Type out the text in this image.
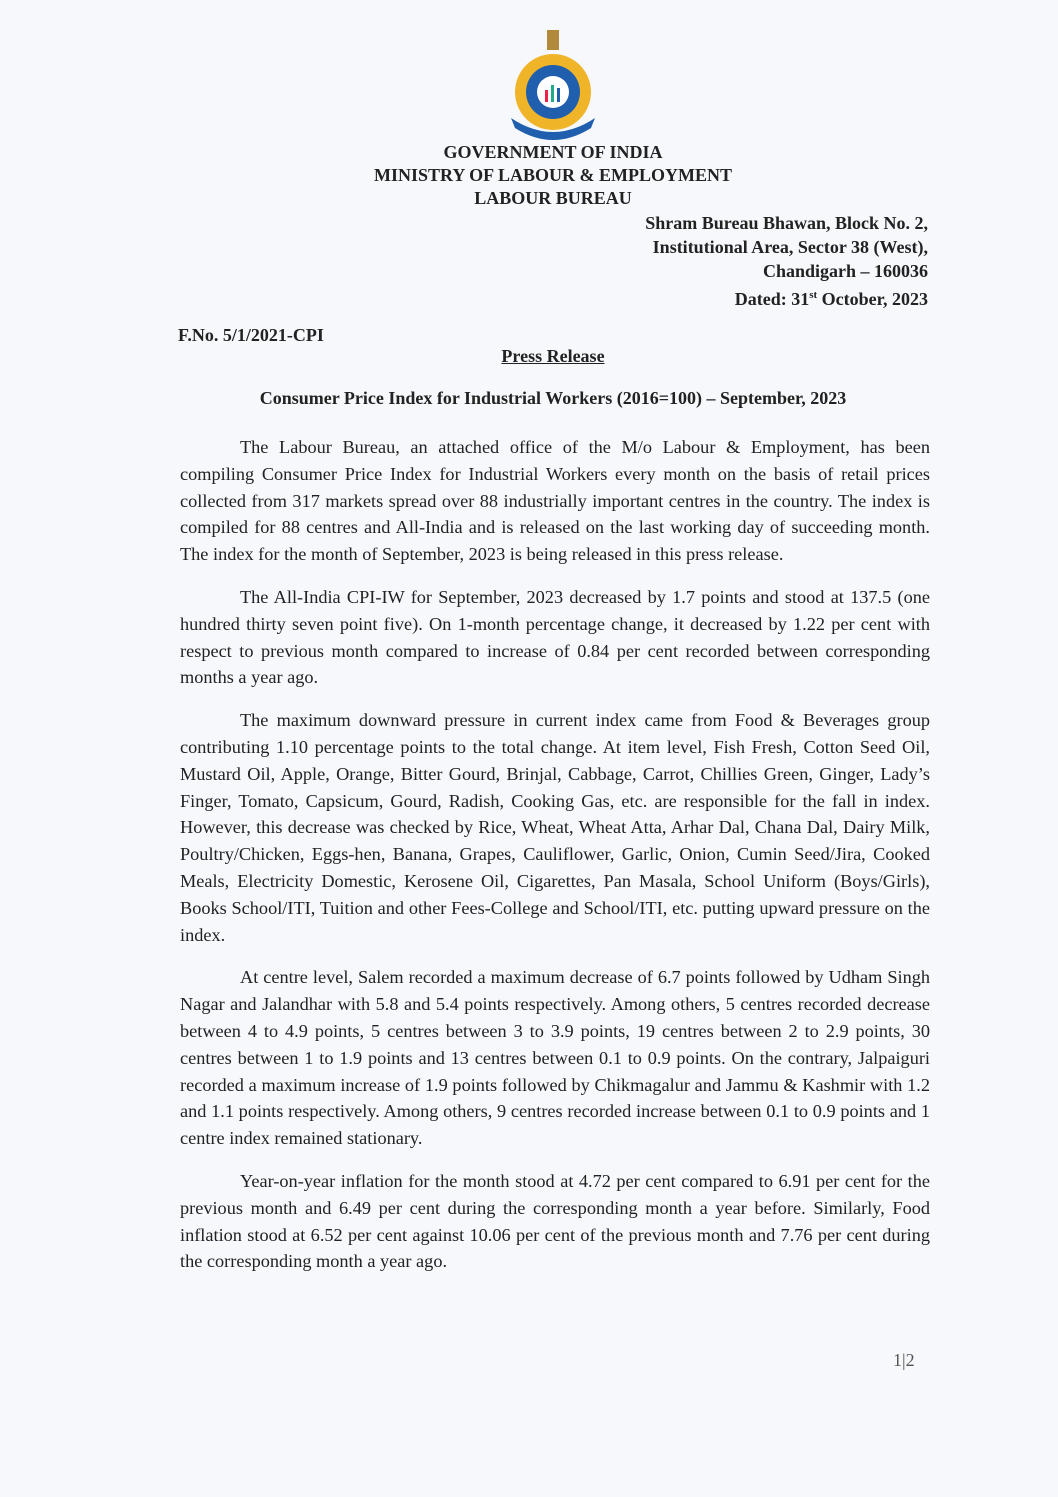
GOVERNMENT OF INDIA
MINISTRY OF LABOUR & EMPLOYMENT
LABOUR BUREAU
Shram Bureau Bhawan, Block No. 2,
Institutional Area, Sector 38 (West),
Chandigarh – 160036
Dated: 31st October, 2023
F.No. 5/1/2021-CPI
Press Release
Consumer Price Index for Industrial Workers (2016=100) – September, 2023

The Labour Bureau, an attached office of the M/o Labour & Employment, has been compiling Consumer Price Index for Industrial Workers every month on the basis of retail prices collected from 317 markets spread over 88 industrially important centres in the country. The index is compiled for 88 centres and All-India and is released on the last working day of succeeding month. The index for the month of September, 2023 is being released in this press release.

The All-India CPI-IW for September, 2023 decreased by 1.7 points and stood at 137.5 (one hundred thirty seven point five). On 1-month percentage change, it decreased by 1.22 per cent with respect to previous month compared to increase of 0.84 per cent recorded between corresponding months a year ago.

The maximum downward pressure in current index came from Food & Beverages group contributing 1.10 percentage points to the total change. At item level, Fish Fresh, Cotton Seed Oil, Mustard Oil, Apple, Orange, Bitter Gourd, Brinjal, Cabbage, Carrot, Chillies Green, Ginger, Lady’s Finger, Tomato, Capsicum, Gourd, Radish, Cooking Gas, etc. are responsible for the fall in index. However, this decrease was checked by Rice, Wheat, Wheat Atta, Arhar Dal, Chana Dal, Dairy Milk, Poultry/Chicken, Eggs-hen, Banana, Grapes, Cauliflower, Garlic, Onion, Cumin Seed/Jira, Cooked Meals, Electricity Domestic, Kerosene Oil, Cigarettes, Pan Masala, School Uniform (Boys/Girls), Books School/ITI, Tuition and other Fees-College and School/ITI, etc. putting upward pressure on the index.

At centre level, Salem recorded a maximum decrease of 6.7 points followed by Udham Singh Nagar and Jalandhar with 5.8 and 5.4 points respectively. Among others, 5 centres recorded decrease between 4 to 4.9 points, 5 centres between 3 to 3.9 points, 19 centres between 2 to 2.9 points, 30 centres between 1 to 1.9 points and 13 centres between 0.1 to 0.9 points. On the contrary, Jalpaiguri recorded a maximum increase of 1.9 points followed by Chikmagalur and Jammu & Kashmir with 1.2 and 1.1 points respectively. Among others, 9 centres recorded increase between 0.1 to 0.9 points and 1 centre index remained stationary.

Year-on-year inflation for the month stood at 4.72 per cent compared to 6.91 per cent for the previous month and 6.49 per cent during the corresponding month a year before. Similarly, Food inflation stood at 6.52 per cent against 10.06 per cent of the previous month and 7.76 per cent during the corresponding month a year ago.

1|2
